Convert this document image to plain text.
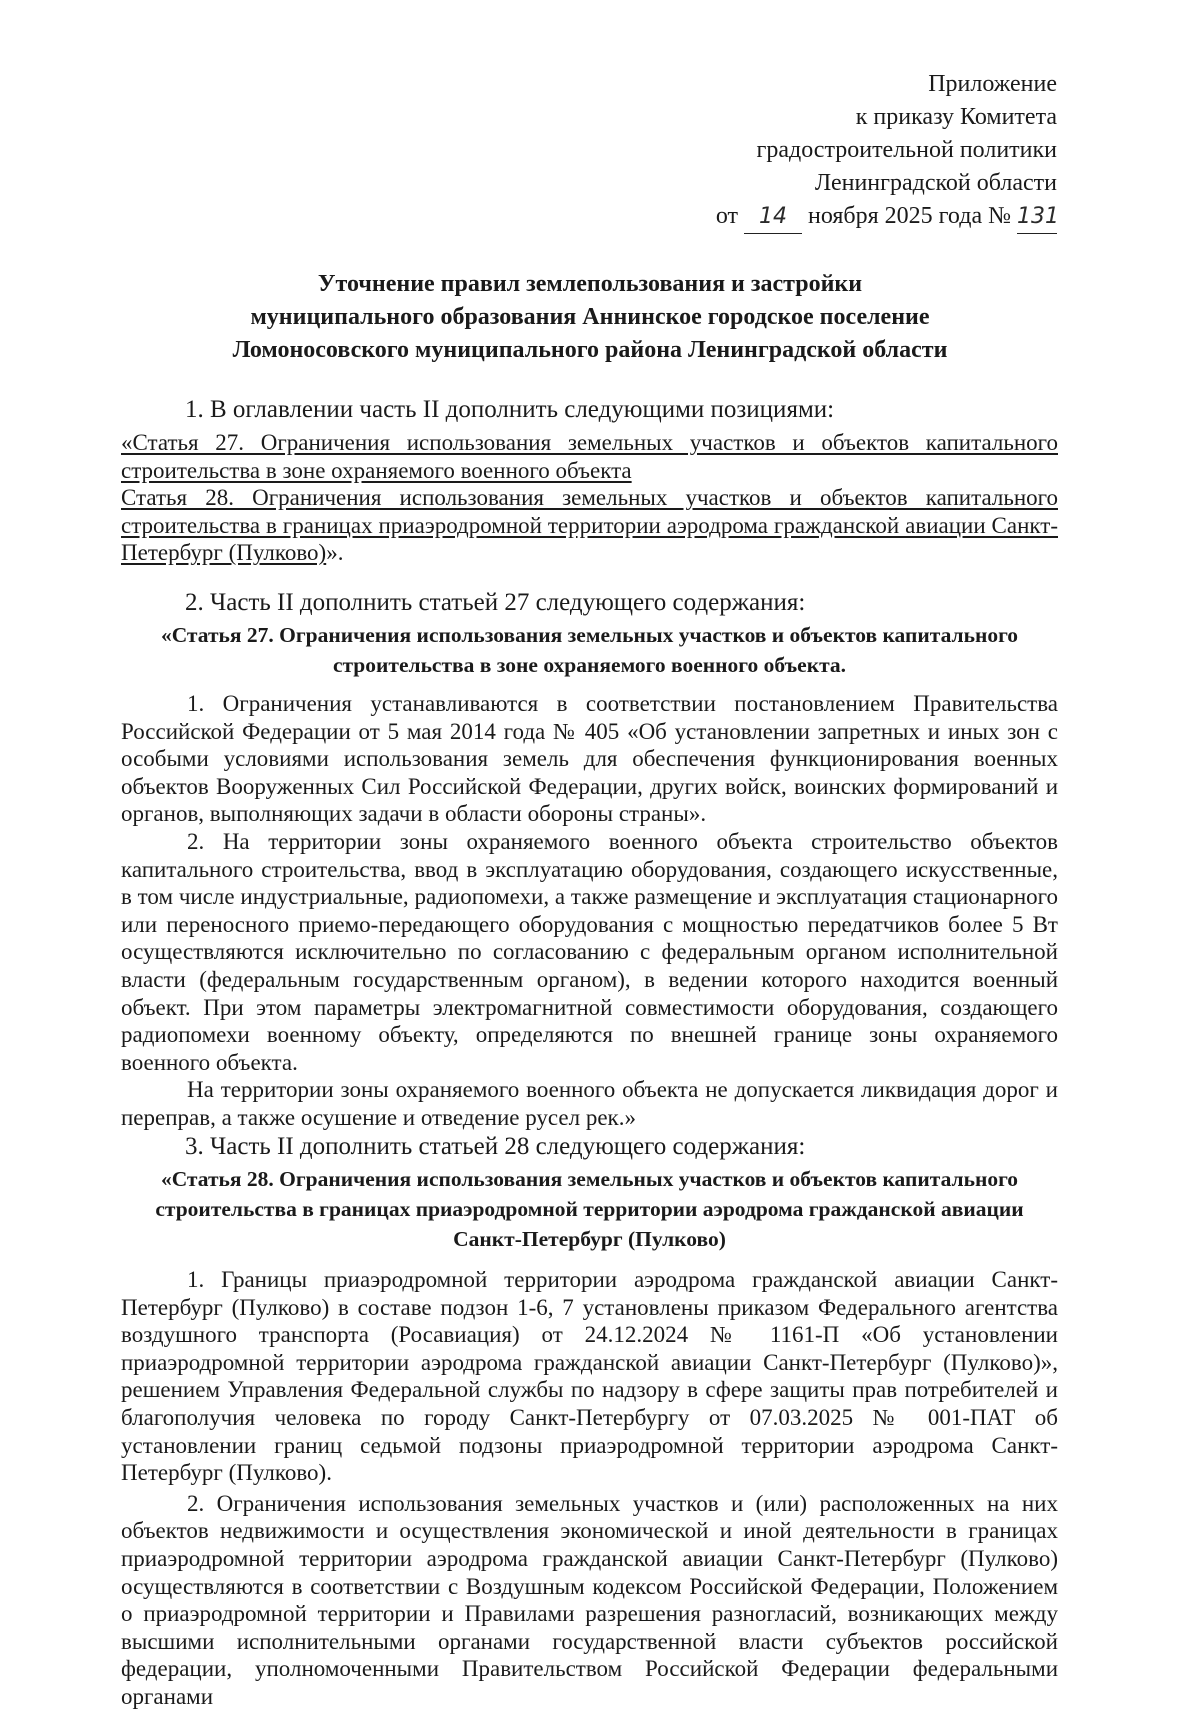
Приложение
к приказу Комитета
градостроительной политики
Ленинградской области
от 14 ноября 2025 года № 131
Уточнение правил землепользования и застройки
муниципального образования Аннинское городское поселение
Ломоносовского муниципального района Ленинградской области
1. В оглавлении часть II дополнить следующими позициями:
«Статья 27. Ограничения использования земельных участков и объектов капитального
строительства в зоне охраняемого военного объекта
Статья 28. Ограничения использования земельных участков и объектов капитального
строительства в границах приаэродромной территории аэродрома гражданской авиации Санкт-
Петербург (Пулково)».
2. Часть II дополнить статьей 27 следующего содержания:
«Статья 27. Ограничения использования земельных участков и объектов капитального строительства в зоне охраняемого военного объекта.

1. Ограничения устанавливаются в соответствии постановлением Правительства Российской Федерации от 5 мая 2014 года № 405 «Об установлении запретных и иных зон с особыми условиями использования земель для обеспечения функционирования военных объектов Вооруженных Сил Российской Федерации, других войск, воинских формирований и органов, выполняющих задачи в области обороны страны».

2. На территории зоны охраняемого военного объекта строительство объектов капитального строительства, ввод в эксплуатацию оборудования, создающего искусственные, в том числе индустриальные, радиопомехи, а также размещение и эксплуатация стационарного или переносного приемо-передающего оборудования с мощностью передатчиков более 5 Вт осуществляются исключительно по согласованию с федеральным органом исполнительной власти (федеральным государственным органом), в ведении которого находится военный объект. При этом параметры электромагнитной совместимости оборудования, создающего радиопомехи военному объекту, определяются по внешней границе зоны охраняемого военного объекта.

На территории зоны охраняемого военного объекта не допускается ликвидация дорог и переправ, а также осушение и отведение русел рек.»

3. Часть II дополнить статьей 28 следующего содержания:
«Статья 28. Ограничения использования земельных участков и объектов капитального строительства в границах приаэродромной территории аэродрома гражданской авиации Санкт-Петербург (Пулково)

1. Границы приаэродромной территории аэродрома гражданской авиации Санкт-Петербург (Пулково) в составе подзон 1-6, 7 установлены приказом Федерального агентства воздушного транспорта (Росавиация) от 24.12.2024 № 1161-П «Об установлении приаэродромной территории аэродрома гражданской авиации Санкт-Петербург (Пулково)», решением Управления Федеральной службы по надзору в сфере защиты прав потребителей и благополучия человека по городу Санкт-Петербургу от 07.03.2025 № 001-ПАТ об установлении границ седьмой подзоны приаэродромной территории аэродрома Санкт-Петербург (Пулково).

2. Ограничения использования земельных участков и (или) расположенных на них объектов недвижимости и осуществления экономической и иной деятельности в границах приаэродромной территории аэродрома гражданской авиации Санкт-Петербург (Пулково) осуществляются в соответствии с Воздушным кодексом Российской Федерации, Положением о приаэродромной территории и Правилами разрешения разногласий, возникающих между высшими исполнительными органами государственной власти субъектов российской федерации, уполномоченными Правительством Российской Федерации федеральными органами
